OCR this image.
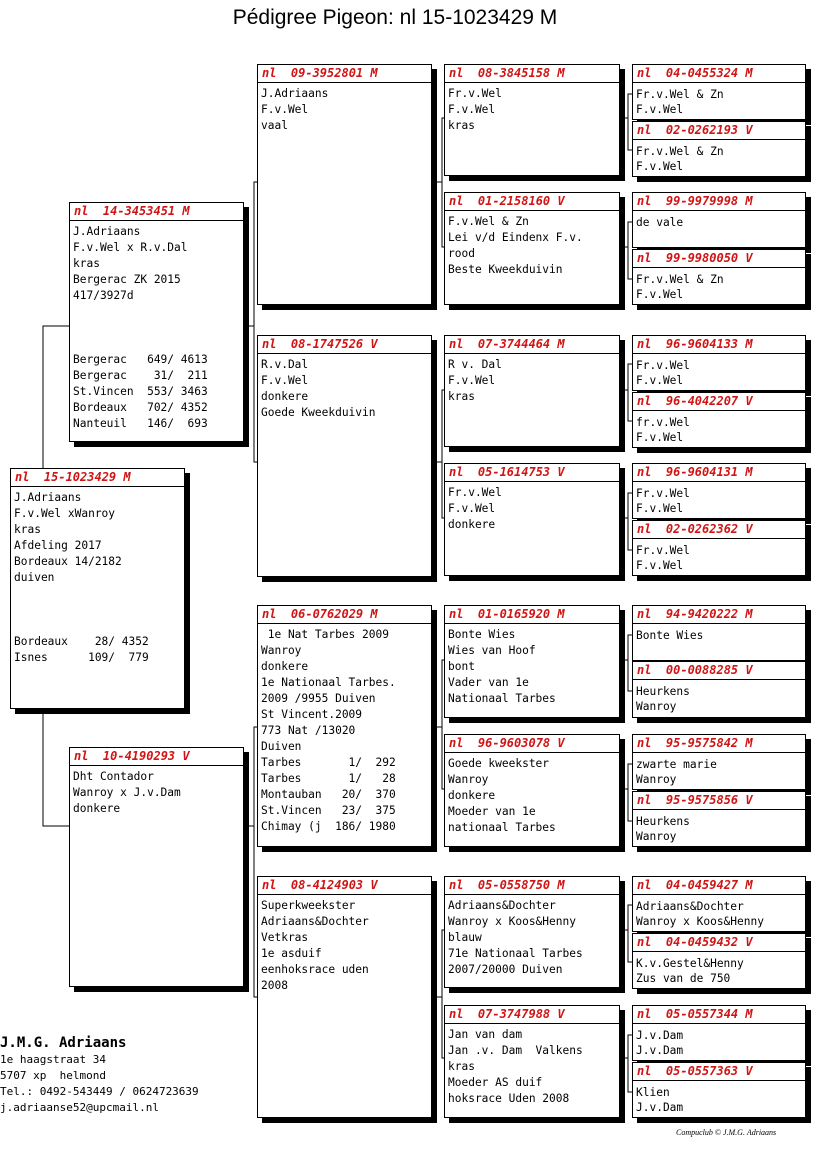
Pédigree Pigeon: nl 15-1023429 M
nl  15-1023429 M
J.Adriaans
F.v.Wel xWanroy
kras
Afdeling 2017
Bordeaux 14/2182
duiven
Bordeaux    28/ 4352
Isnes      109/  779
nl  14-3453451 M
J.Adriaans
F.v.Wel x R.v.Dal
kras
Bergerac ZK 2015
417/3927d
Bergerac   649/ 4613
Bergerac    31/  211
St.Vincen  553/ 3463
Bordeaux   702/ 4352
Nanteuil   146/  693
nl  10-4190293 V
Dht Contador
Wanroy x J.v.Dam
donkere
nl  09-3952801 M
J.Adriaans
F.v.Wel
vaal
nl  08-1747526 V
R.v.Dal
F.v.Wel
donkere
Goede Kweekduivin
nl  06-0762029 M
1e Nat Tarbes 2009
Wanroy
donkere
1e Nationaal Tarbes.
2009 /9955 Duiven
St Vincent.2009
773 Nat /13020
Duiven
Tarbes       1/  292
Tarbes       1/   28
Montauban   20/  370
St.Vincen   23/  375
Chimay (j  186/ 1980
nl  08-4124903 V
Superkweekster
Adriaans&Dochter
Vetkras
1e asduif
eenhoksrace uden
2008
nl  08-3845158 M
Fr.v.Wel
F.v.Wel
kras
nl  01-2158160 V
F.v.Wel & Zn
Lei v/d Eindenx F.v.
rood
Beste Kweekduivin
nl  07-3744464 M
R v. Dal
F.v.Wel
kras
nl  05-1614753 V
Fr.v.Wel
F.v.Wel
donkere
nl  01-0165920 M
Bonte Wies
Wies van Hoof
bont
Vader van 1e
Nationaal Tarbes
nl  96-9603078 V
Goede kweekster
Wanroy
donkere
Moeder van 1e
nationaal Tarbes
nl  05-0558750 M
Adriaans&Dochter
Wanroy x Koos&Henny
blauw
71e Nationaal Tarbes
2007/20000 Duiven
nl  07-3747988 V
Jan van dam
Jan .v. Dam  Valkens
kras
Moeder AS duif
hoksrace Uden 2008
nl  04-0455324 M
Fr.v.Wel & Zn
F.v.Wel
nl  02-0262193 V
Fr.v.Wel & Zn
F.v.Wel
nl  99-9979998 M
de vale
nl  99-9980050 V
Fr.v.Wel & Zn
F.v.Wel
nl  96-9604133 M
Fr.v.Wel
F.v.Wel
nl  96-4042207 V
fr.v.Wel
F.v.Wel
nl  96-9604131 M
Fr.v.Wel
F.v.Wel
nl  02-0262362 V
Fr.v.Wel
F.v.Wel
nl  94-9420222 M
Bonte Wies
nl  00-0088285 V
Heurkens
Wanroy
nl  95-9575842 M
zwarte marie
Wanroy
nl  95-9575856 V
Heurkens
Wanroy
nl  04-0459427 M
Adriaans&Dochter
Wanroy x Koos&Henny
nl  04-0459432 V
K.v.Gestel&Henny
Zus van de 750
nl  05-0557344 M
J.v.Dam
J.v.Dam
nl  05-0557363 V
Klien
J.v.Dam
J.M.G. Adriaans
1e haagstraat 34
5707 xp  helmond
Tel.: 0492-543449 / 0624723639
j.adriaanse52@upcmail.nl
Compuclub © J.M.G. Adriaans
